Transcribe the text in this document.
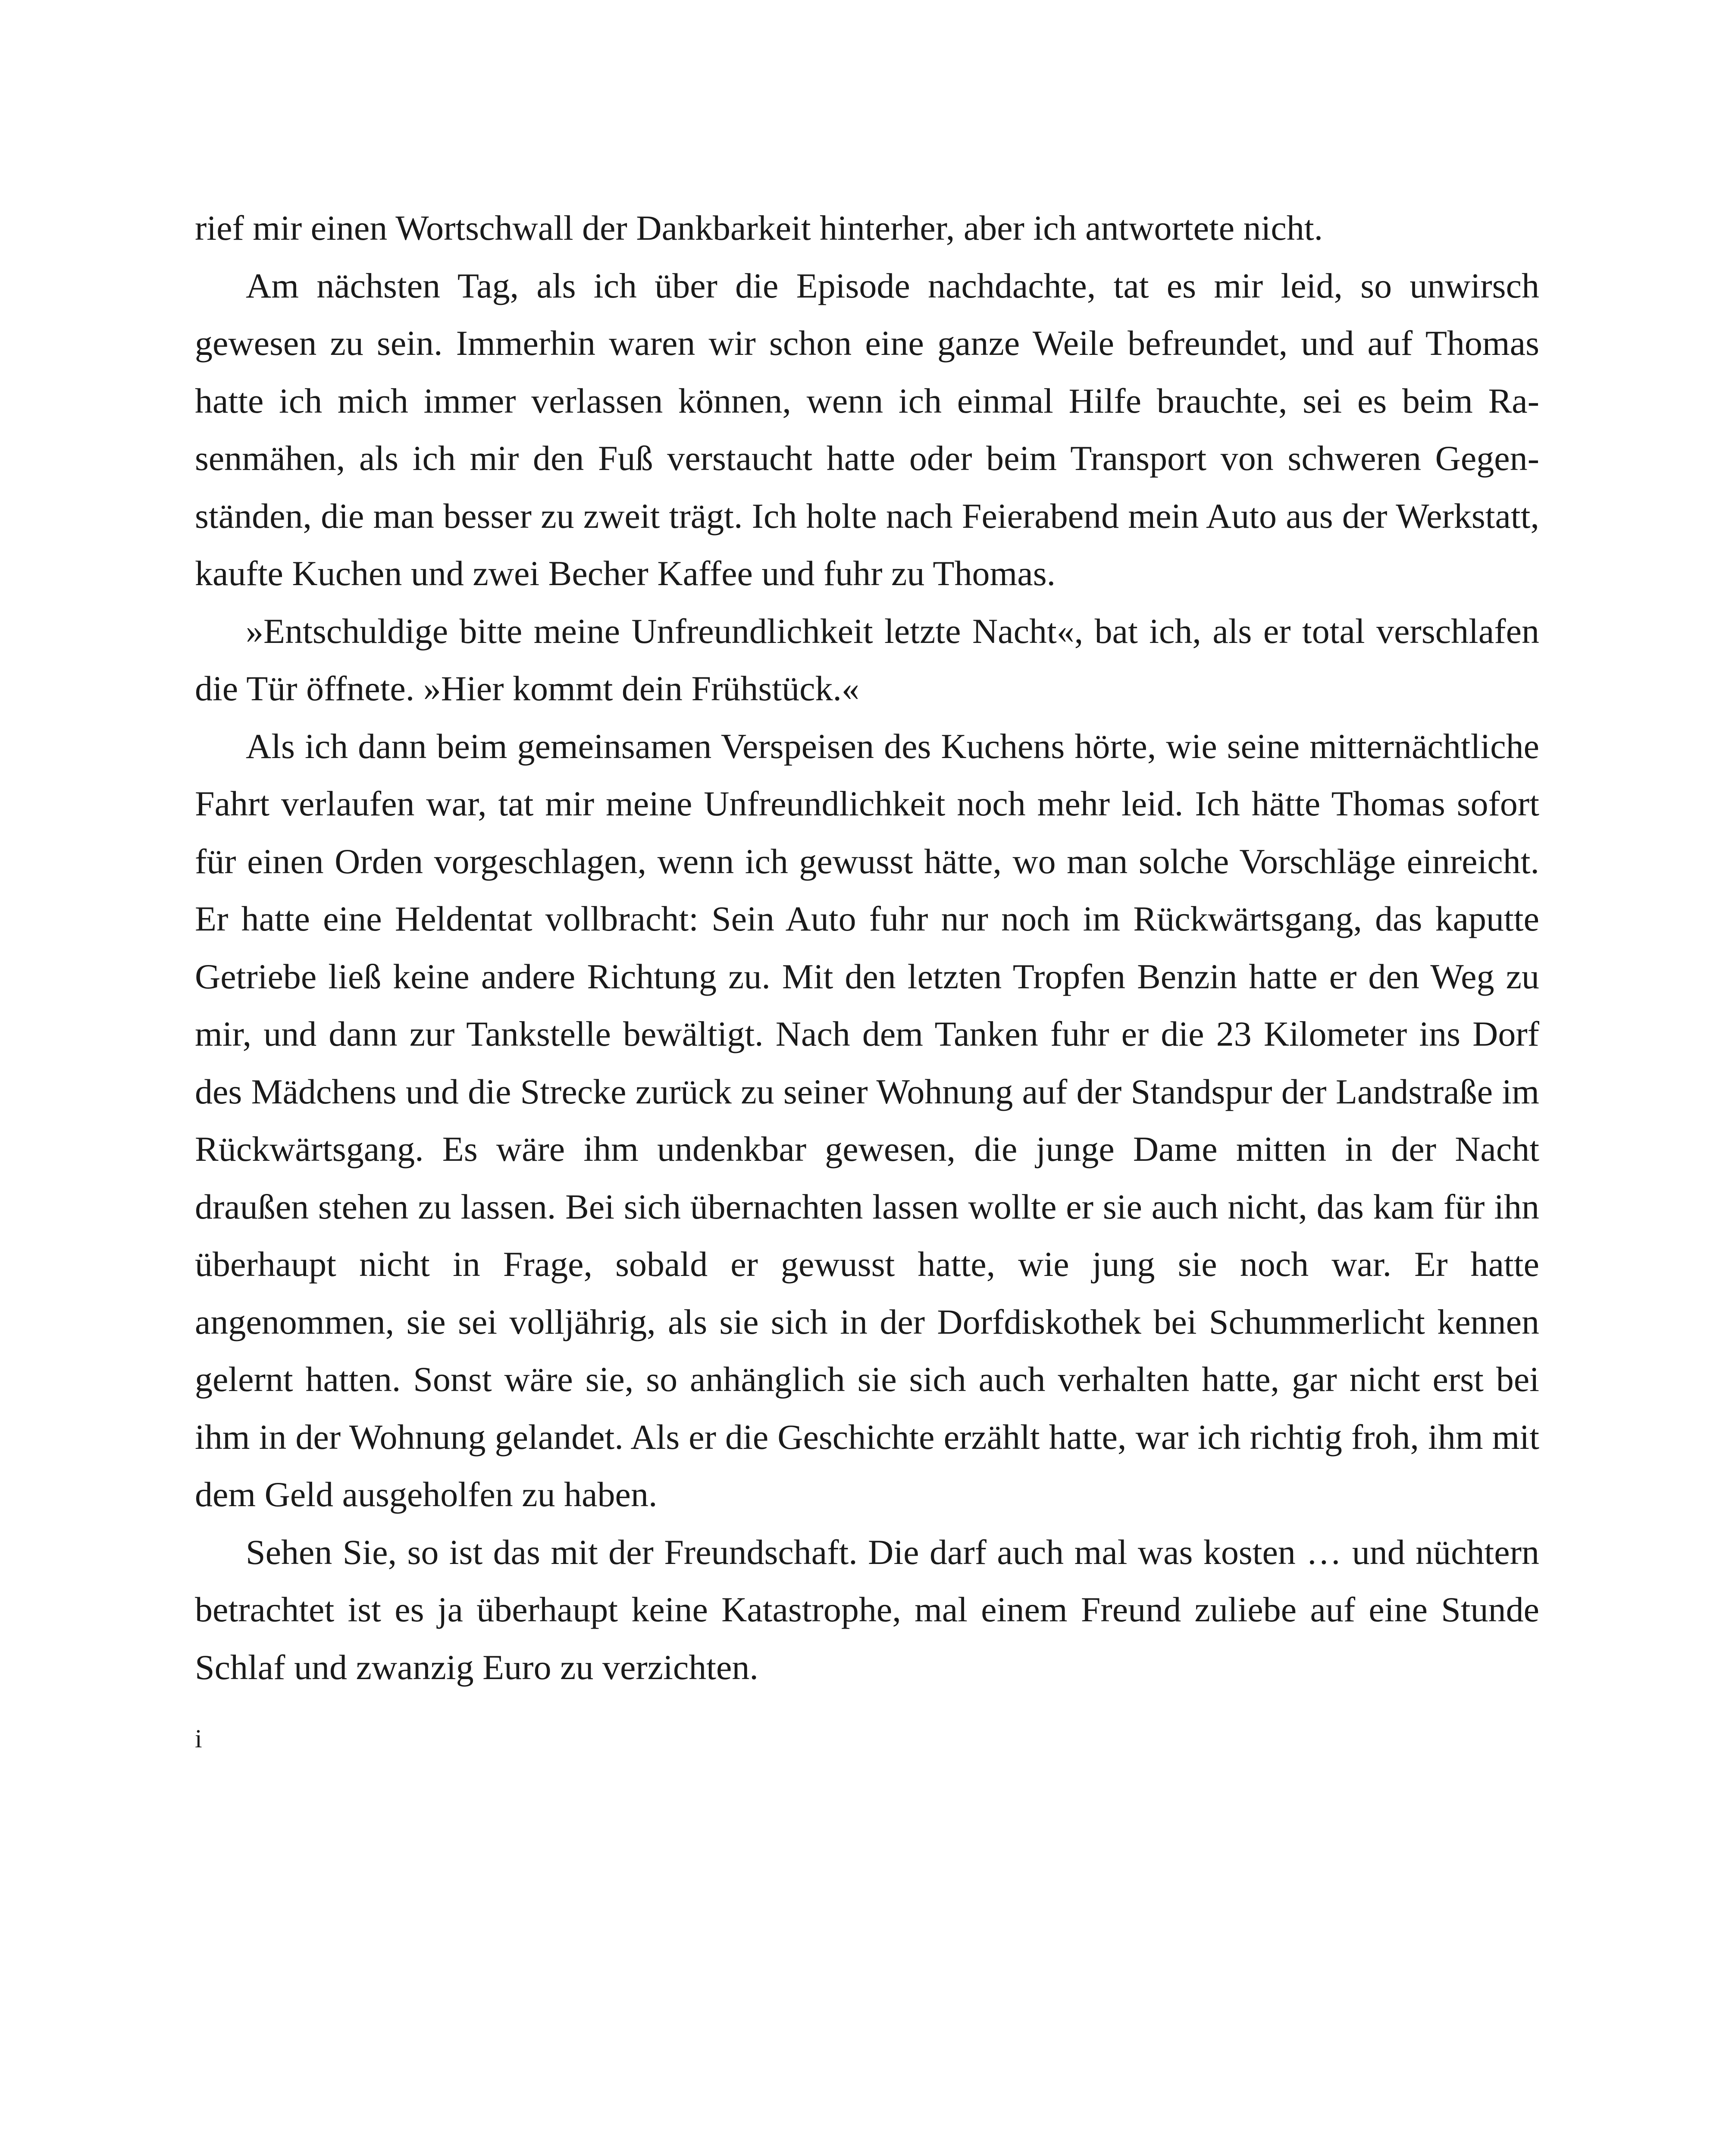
rief mir einen Wortschwall der Dankbarkeit hinterher, aber ich antwortete nicht.

Am nächsten Tag, als ich über die Episode nachdachte, tat es mir leid, so unwirsch gewesen zu sein. Immerhin waren wir schon eine ganze Weile befreundet, und auf Thomas hatte ich mich immer verlassen können, wenn ich einmal Hilfe brauchte, sei es beim Rasenmähen, als ich mir den Fuß verstaucht hatte oder beim Transport von schweren Gegenständen, die man besser zu zweit trägt. Ich holte nach Feierabend mein Auto aus der Werkstatt, kaufte Kuchen und zwei Becher Kaffee und fuhr zu Thomas.

»Entschuldige bitte meine Unfreundlichkeit letzte Nacht«, bat ich, als er total verschlafen die Tür öffnete. »Hier kommt dein Frühstück.«

Als ich dann beim gemeinsamen Verspeisen des Kuchens hörte, wie seine mitternächtliche Fahrt verlaufen war, tat mir meine Unfreundlichkeit noch mehr leid. Ich hätte Thomas sofort für einen Orden vorgeschlagen, wenn ich gewusst hätte, wo man solche Vorschläge einreicht. Er hatte eine Heldentat vollbracht: Sein Auto fuhr nur noch im Rückwärtsgang, das kaputte Getriebe ließ keine andere Richtung zu. Mit den letzten Tropfen Benzin hatte er den Weg zu mir, und dann zur Tankstelle bewältigt. Nach dem Tanken fuhr er die 23 Kilometer ins Dorf des Mädchens und die Strecke zurück zu seiner Wohnung auf der Standspur der Landstraße im Rückwärtsgang. Es wäre ihm undenkbar gewesen, die junge Dame mitten in der Nacht draußen stehen zu lassen. Bei sich übernachten lassen wollte er sie auch nicht, das kam für ihn überhaupt nicht in Frage, sobald er gewusst hatte, wie jung sie noch war. Er hatte angenommen, sie sei volljährig, als sie sich in der Dorfdiskothek bei Schummerlicht kennen gelernt hatten. Sonst wäre sie, so anhänglich sie sich auch verhalten hatte, gar nicht erst bei ihm in der Wohnung gelandet. Als er die Geschichte erzählt hatte, war ich richtig froh, ihm mit dem Geld ausgeholfen zu haben.

Sehen Sie, so ist das mit der Freundschaft. Die darf auch mal was kosten … und nüchtern betrachtet ist es ja überhaupt keine Katastrophe, mal einem Freund zuliebe auf eine Stunde Schlaf und zwanzig Euro zu verzichten.

i
